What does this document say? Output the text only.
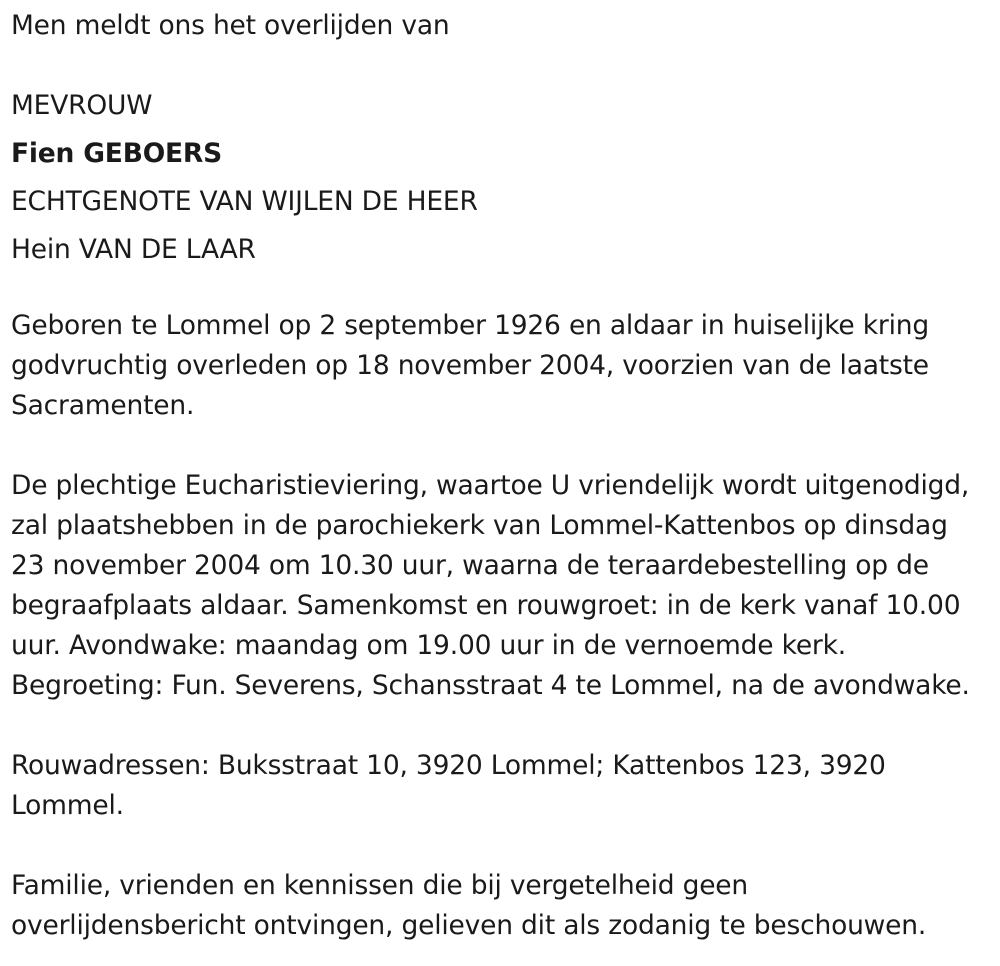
Men meldt ons het overlijden van

MEVROUW

Fien GEBOERS

ECHTGENOTE VAN WIJLEN DE HEER

Hein VAN DE LAAR

Geboren te Lommel op 2 september 1926 en aldaar in huiselijke kring
godvruchtig overleden op 18 november 2004, voorzien van de laatste
Sacramenten.
De plechtige Eucharistieviering, waartoe U vriendelijk wordt uitgenodigd,
zal plaatshebben in de parochiekerk van Lommel-Kattenbos op dinsdag
23 november 2004 om 10.30 uur, waarna de teraardebestelling op de
begraafplaats aldaar. Samenkomst en rouwgroet: in de kerk vanaf 10.00
uur. Avondwake: maandag om 19.00 uur in de vernoemde kerk.
Begroeting: Fun. Severens, Schansstraat 4 te Lommel, na de avondwake.
Rouwadressen: Buksstraat 10, 3920 Lommel; Kattenbos 123, 3920
Lommel.
Familie, vrienden en kennissen die bij vergetelheid geen
overlijdensbericht ontvingen, gelieven dit als zodanig te beschouwen.
